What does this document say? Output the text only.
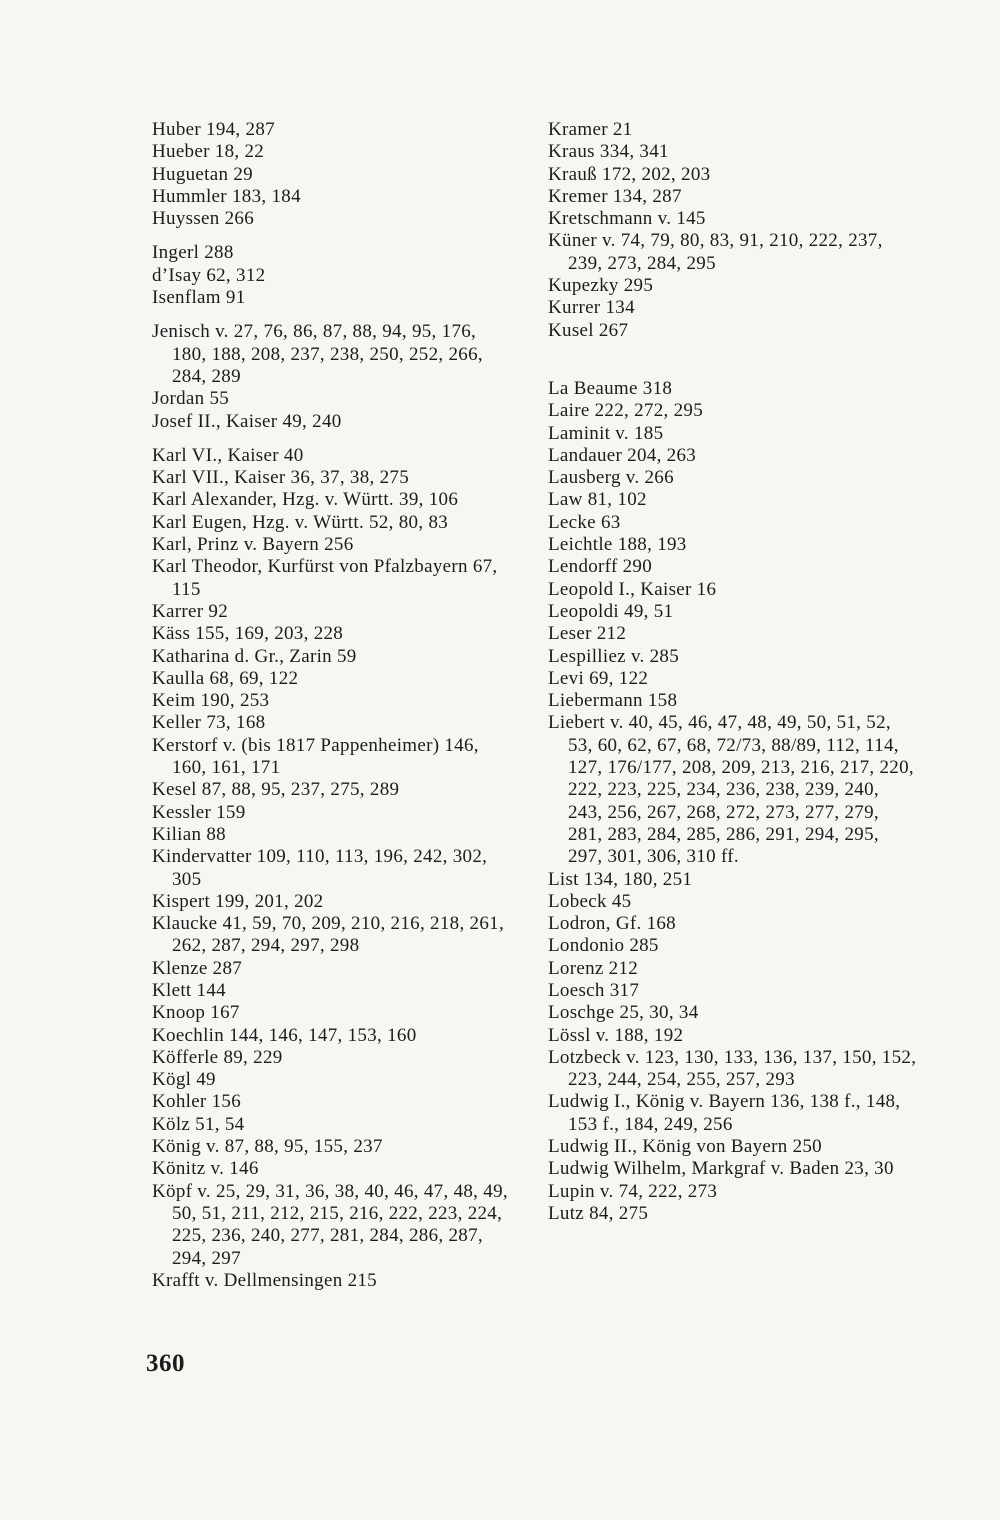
Huber 194, 287
Hueber 18, 22
Huguetan 29
Hummler 183, 184
Huyssen 266
Ingerl 288
d’Isay 62, 312
Isenflam 91
Jenisch v. 27, 76, 86, 87, 88, 94, 95, 176, 180, 188, 208, 237, 238, 250, 252, 266, 284, 289
Jordan 55
Josef II., Kaiser 49, 240
Karl VI., Kaiser 40
Karl VII., Kaiser 36, 37, 38, 275
Karl Alexander, Hzg. v. Württ. 39, 106
Karl Eugen, Hzg. v. Württ. 52, 80, 83
Karl, Prinz v. Bayern 256
Karl Theodor, Kurfürst von Pfalzbayern 67, 115
Karrer 92
Käss 155, 169, 203, 228
Katharina d. Gr., Zarin 59
Kaulla 68, 69, 122
Keim 190, 253
Keller 73, 168
Kerstorf v. (bis 1817 Pappenheimer) 146, 160, 161, 171
Kesel 87, 88, 95, 237, 275, 289
Kessler 159
Kilian 88
Kindervatter 109, 110, 113, 196, 242, 302, 305
Kispert 199, 201, 202
Klaucke 41, 59, 70, 209, 210, 216, 218, 261, 262, 287, 294, 297, 298
Klenze 287
Klett 144
Knoop 167
Koechlin 144, 146, 147, 153, 160
Köfferle 89, 229
Kögl 49
Kohler 156
Kölz 51, 54
König v. 87, 88, 95, 155, 237
Könitz v. 146
Köpf v. 25, 29, 31, 36, 38, 40, 46, 47, 48, 49, 50, 51, 211, 212, 215, 216, 222, 223, 224, 225, 236, 240, 277, 281, 284, 286, 287, 294, 297
Krafft v. Dellmensingen 215
Kramer 21
Kraus 334, 341
Krauß 172, 202, 203
Kremer 134, 287
Kretschmann v. 145
Küner v. 74, 79, 80, 83, 91, 210, 222, 237, 239, 273, 284, 295
Kupezky 295
Kurrer 134
Kusel 267
La Beaume 318
Laire 222, 272, 295
Laminit v. 185
Landauer 204, 263
Lausberg v. 266
Law 81, 102
Lecke 63
Leichtle 188, 193
Lendorff 290
Leopold I., Kaiser 16
Leopoldi 49, 51
Leser 212
Lespilliez v. 285
Levi 69, 122
Liebermann 158
Liebert v. 40, 45, 46, 47, 48, 49, 50, 51, 52, 53, 60, 62, 67, 68, 72/73, 88/89, 112, 114, 127, 176/177, 208, 209, 213, 216, 217, 220, 222, 223, 225, 234, 236, 238, 239, 240, 243, 256, 267, 268, 272, 273, 277, 279, 281, 283, 284, 285, 286, 291, 294, 295, 297, 301, 306, 310 ff.
List 134, 180, 251
Lobeck 45
Lodron, Gf. 168
Londonio 285
Lorenz 212
Loesch 317
Loschge 25, 30, 34
Lössl v. 188, 192
Lotzbeck v. 123, 130, 133, 136, 137, 150, 152, 223, 244, 254, 255, 257, 293
Ludwig I., König v. Bayern 136, 138 f., 148, 153 f., 184, 249, 256
Ludwig II., König von Bayern 250
Ludwig Wilhelm, Markgraf v. Baden 23, 30
Lupin v. 74, 222, 273
Lutz 84, 275
360
